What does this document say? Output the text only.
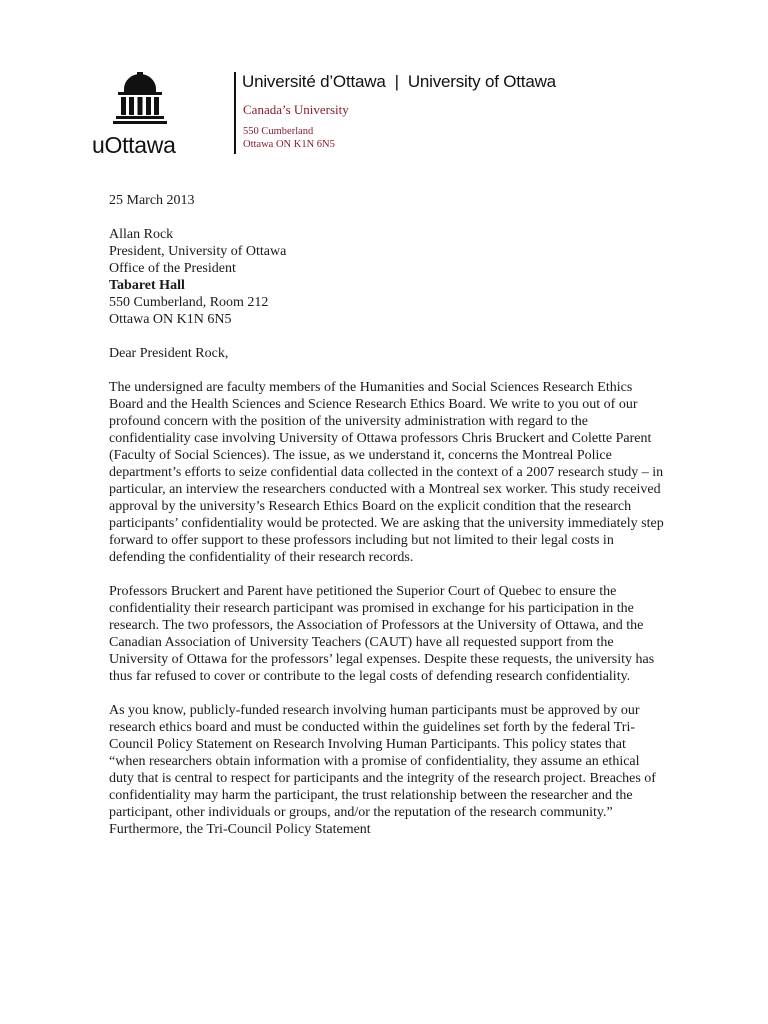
uOttawa
Université d’Ottawa | University of Ottawa
Canada’s University
550 Cumberland
Ottawa ON K1N 6N5

25 March 2013

Allan Rock
President, University of Ottawa
Office of the President
Tabaret Hall
550 Cumberland, Room 212
Ottawa ON K1N 6N5

Dear President Rock,

The undersigned are faculty members of the Humanities and Social Sciences Research Ethics Board and the Health Sciences and Science Research Ethics Board. We write to you out of our profound concern with the position of the university administration with regard to the confidentiality case involving University of Ottawa professors Chris Bruckert and Colette Parent (Faculty of Social Sciences). The issue, as we understand it, concerns the Montreal Police department’s efforts to seize confidential data collected in the context of a 2007 research study – in particular, an interview the researchers conducted with a Montreal sex worker. This study received approval by the university’s Research Ethics Board on the explicit condition that the research participants’ confidentiality would be protected. We are asking that the university immediately step forward to offer support to these professors including but not limited to their legal costs in defending the confidentiality of their research records.

Professors Bruckert and Parent have petitioned the Superior Court of Quebec to ensure the confidentiality their research participant was promised in exchange for his participation in the research. The two professors, the Association of Professors at the University of Ottawa, and the Canadian Association of University Teachers (CAUT) have all requested support from the University of Ottawa for the professors’ legal expenses. Despite these requests, the university has thus far refused to cover or contribute to the legal costs of defending research confidentiality.

As you know, publicly-funded research involving human participants must be approved by our research ethics board and must be conducted within the guidelines set forth by the federal Tri-Council Policy Statement on Research Involving Human Participants. This policy states that “when researchers obtain information with a promise of confidentiality, they assume an ethical duty that is central to respect for participants and the integrity of the research project. Breaches of confidentiality may harm the participant, the trust relationship between the researcher and the participant, other individuals or groups, and/or the reputation of the research community.” Furthermore, the Tri-Council Policy Statement
